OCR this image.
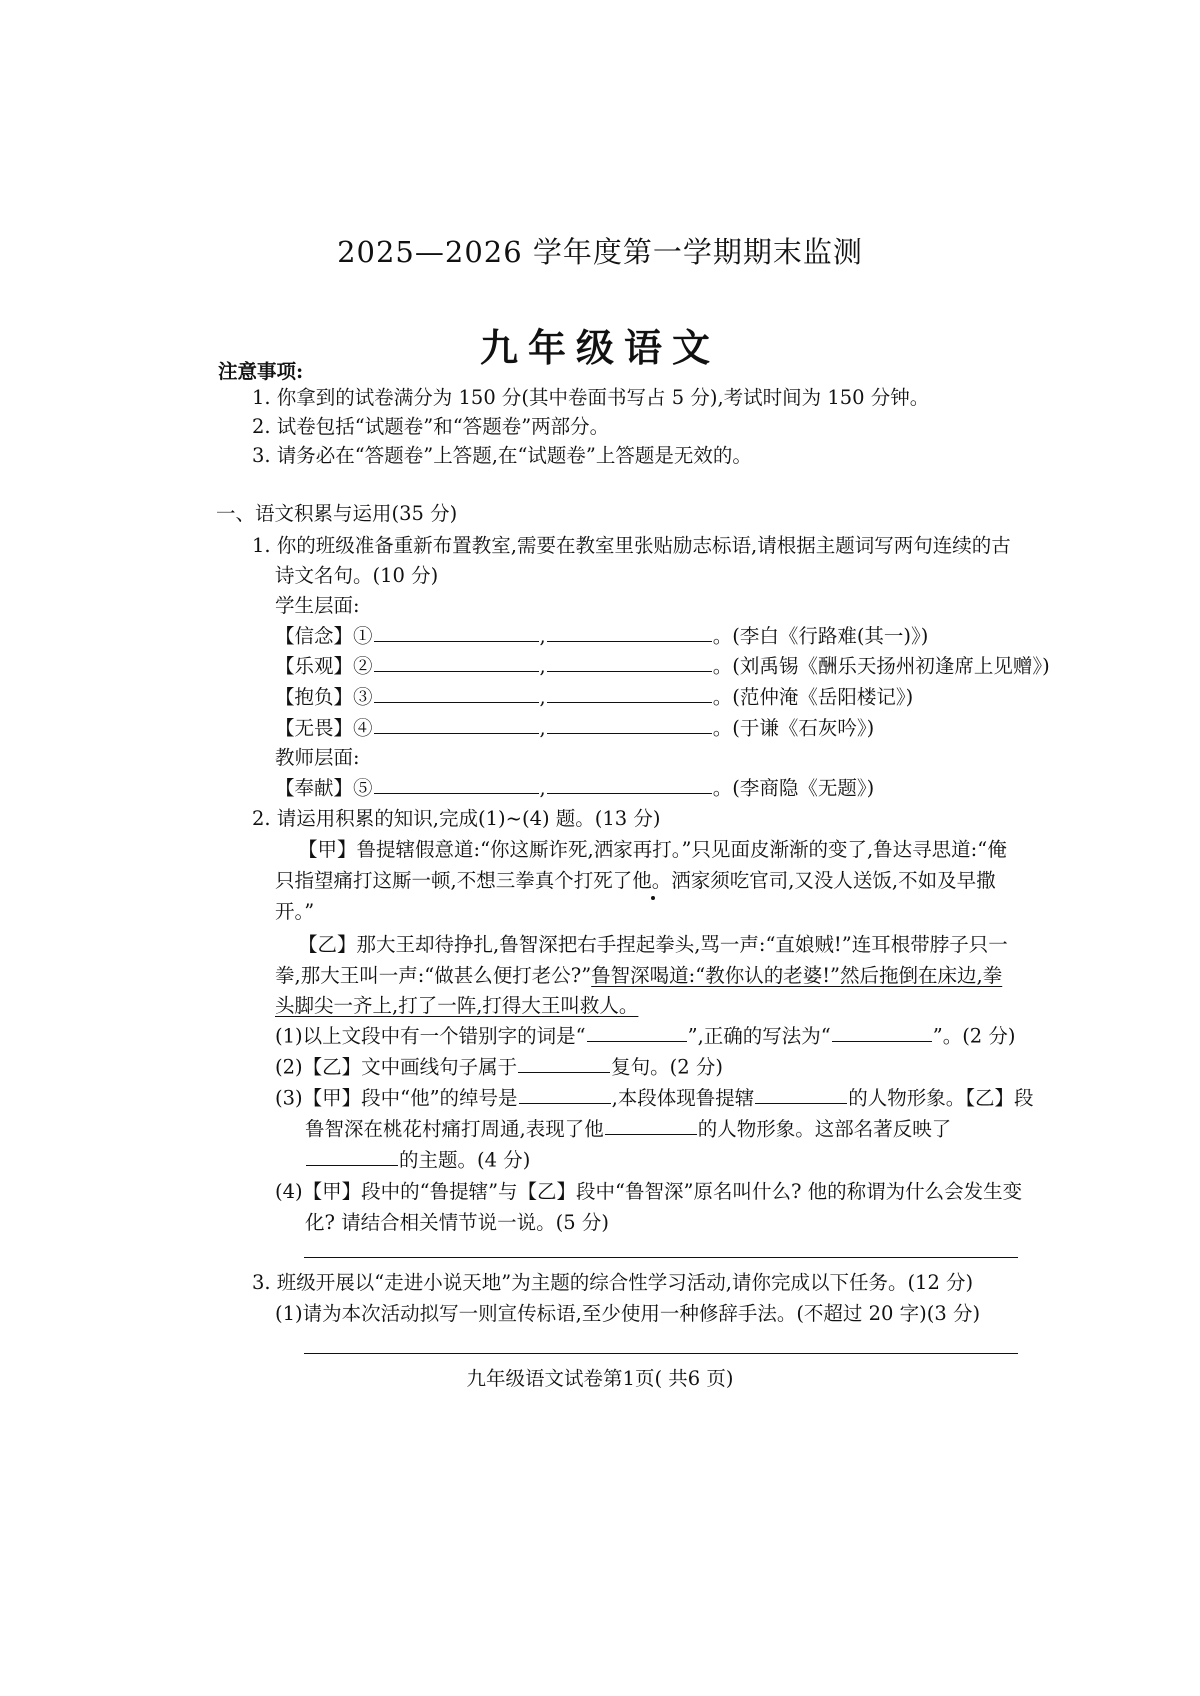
2025—2026 学年度第一学期期末监测
九年级语文
注意事项:
1. 你拿到的试卷满分为 150 分(其中卷面书写占 5 分),考试时间为 150 分钟。
2. 试卷包括“试题卷”和“答题卷”两部分。
3. 请务必在“答题卷”上答题,在“试题卷”上答题是无效的。
一、语文积累与运用(35 分)
1. 你的班级准备重新布置教室,需要在教室里张贴励志标语,请根据主题词写两句连续的古
诗文名句。(10 分)
学生层面:
【信念】①	,	。(李白《行路难(其一)》)
【乐观】②	,	。(刘禹锡《酬乐天扬州初逢席上见赠》)
【抱负】③	,	。(范仲淹《岳阳楼记》)
【无畏】④	,	。(于谦《石灰吟》)
教师层面:
【奉献】⑤	,	。(李商隐《无题》)
2. 请运用积累的知识,完成(1)~(4) 题。(13 分)
【甲】鲁提辖假意道:“你这厮诈死,洒家再打。”只见面皮渐渐的变了,鲁达寻思道:“俺
只指望痛打这厮一顿,不想三拳真个打死了他。洒家须吃官司,又没人送饭,不如及早撒
开。”
【乙】那大王却待挣扎,鲁智深把右手捏起拳头,骂一声:“直娘贼!”连耳根带脖子只一
拳,那大王叫一声:“做甚么便打老公?”鲁智深喝道:“教你认的老婆!”然后拖倒在床边,拳
头脚尖一齐上,打了一阵,打得大王叫救人。
(1)以上文段中有一个错别字的词是“	”,正确的写法为“	”。(2 分)
(2)【乙】文中画线句子属于	复句。(2 分)
(3)【甲】段中“他”的绰号是	,本段体现鲁提辖	的人物形象。【乙】段
鲁智深在桃花村痛打周通,表现了他	的人物形象。这部名著反映了
的主题。(4 分)
(4)【甲】段中的“鲁提辖”与【乙】段中“鲁智深”原名叫什么? 他的称谓为什么会发生变
化? 请结合相关情节说一说。(5 分)
3. 班级开展以“走进小说天地”为主题的综合性学习活动,请你完成以下任务。(12 分)
(1)请为本次活动拟写一则宣传标语,至少使用一种修辞手法。(不超过 20 字)(3 分)
九年级语文试卷第1页( 共6 页)
